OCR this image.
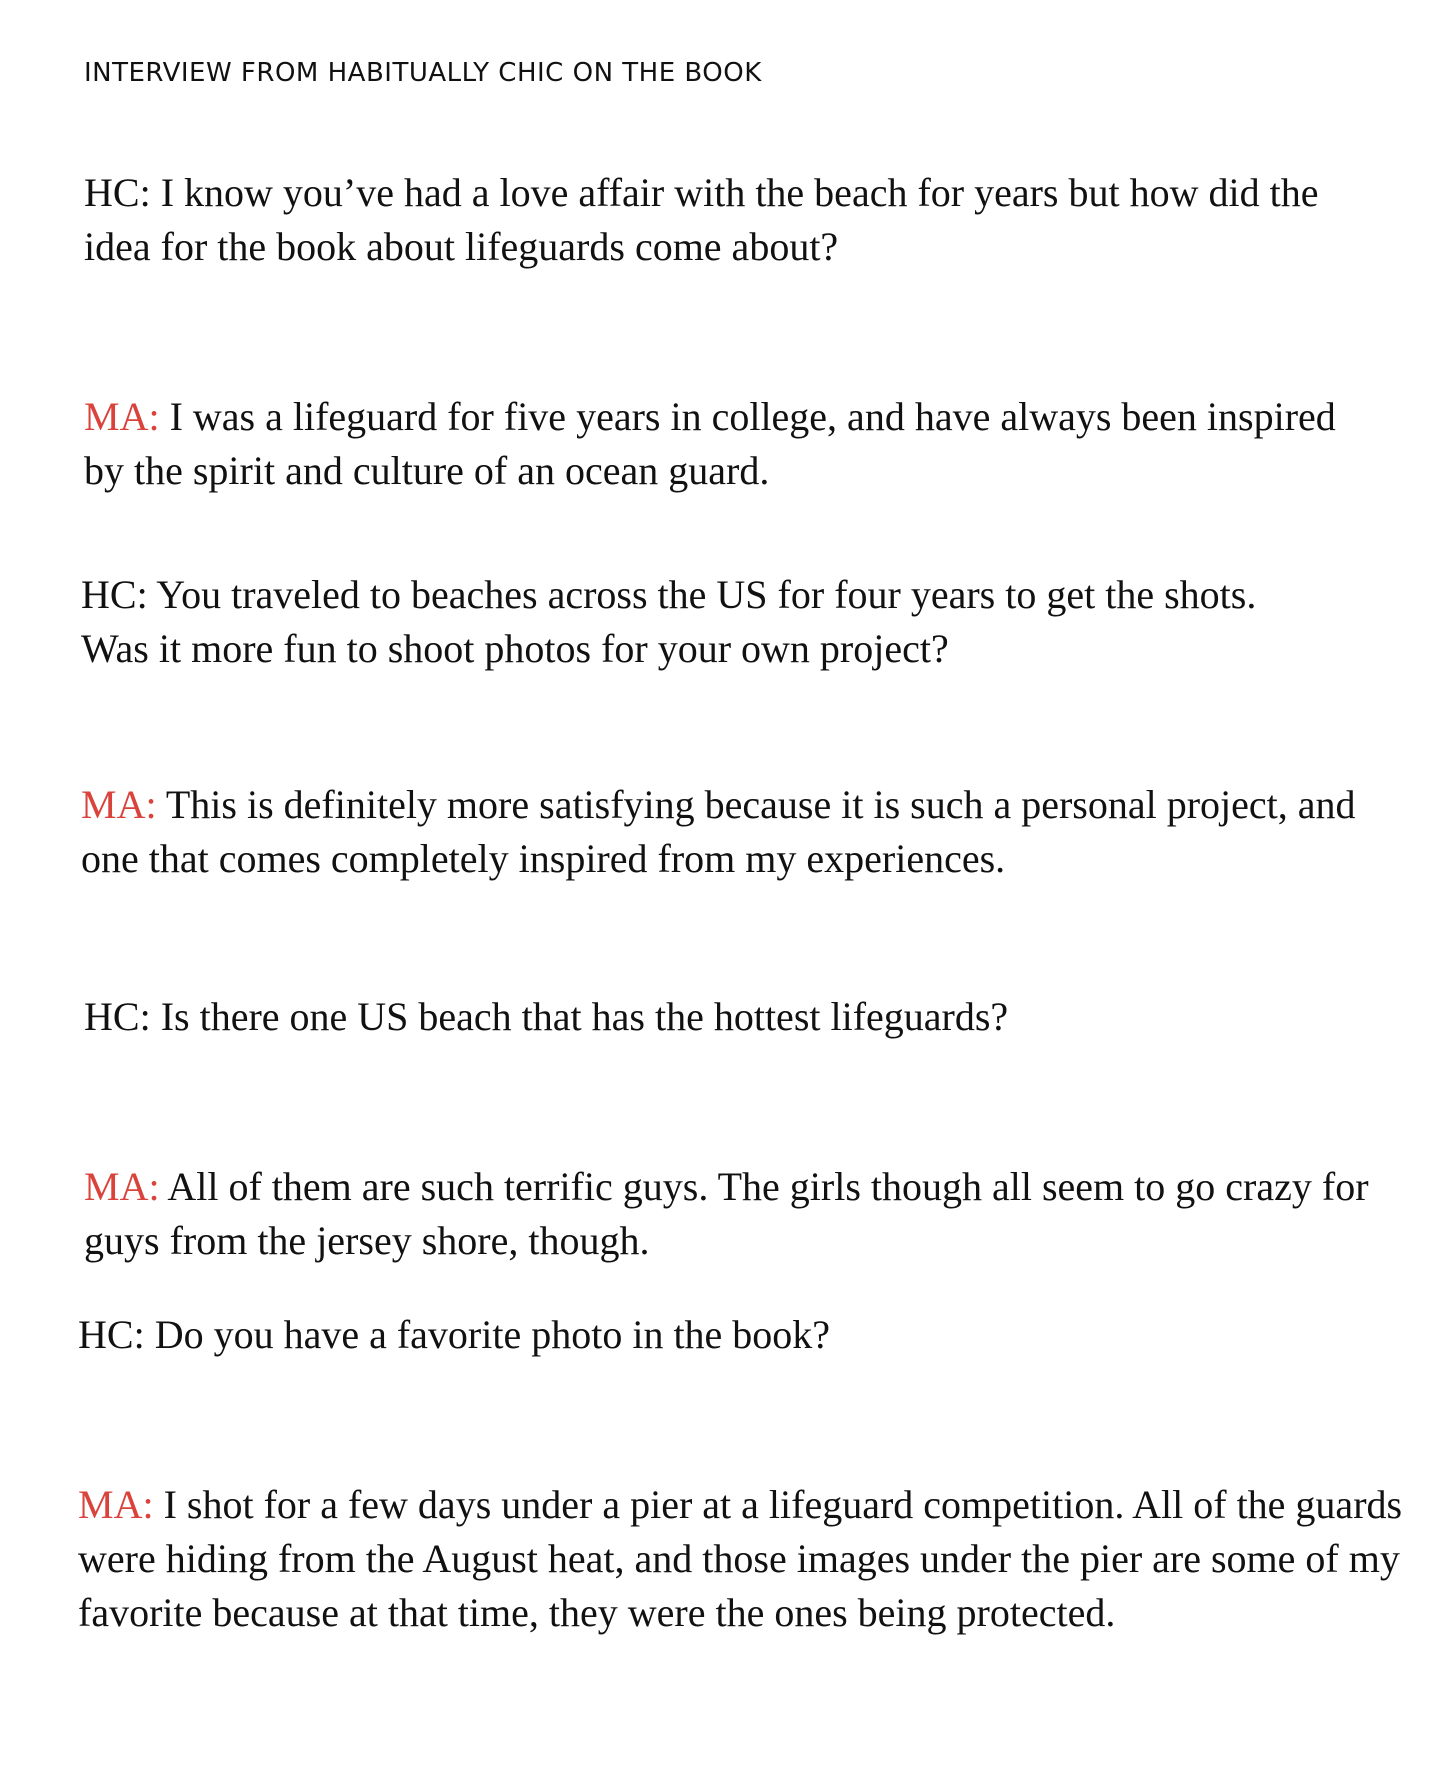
INTERVIEW FROM HABITUALLY CHIC ON THE BOOK

HC: I know you’ve had a love affair with the beach for years but how did the idea for the book about lifeguards come about?

MA: I was a lifeguard for five years in college, and have always been inspired by the spirit and culture of an ocean guard.

HC: You traveled to beaches across the US for four years to get the shots. Was it more fun to shoot photos for your own project?

MA: This is definitely more satisfying because it is such a personal project, and one that comes completely inspired from my experiences.

HC: Is there one US beach that has the hottest lifeguards?

MA: All of them are such terrific guys. The girls though all seem to go crazy for guys from the jersey shore, though.

HC: Do you have a favorite photo in the book?

MA: I shot for a few days under a pier at a lifeguard competition. All of the guards were hiding from the August heat, and those images under the pier are some of my favorite because at that time, they were the ones being protected.
